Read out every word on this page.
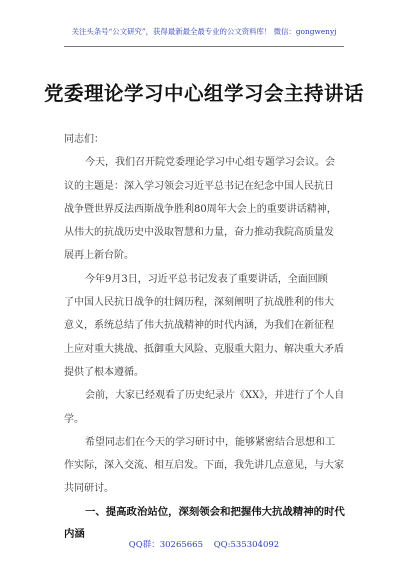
关注头条号“公文研究”，获得最新最全最专业的公文资料库！ 微信：gongwenyj
党委理论学习中心组学习会主持讲话
同志们：
今天，我们召开院党委理论学习中心组专题学习会议。会
议的主题是：深入学习领会习近平总书记在纪念中国人民抗日
战争暨世界反法西斯战争胜利80周年大会上的重要讲话精神，
从伟大的抗战历史中汲取智慧和力量，奋力推动我院高质量发
展再上新台阶。
今年9月3日，习近平总书记发表了重要讲话，全面回顾
了中国人民抗日战争的壮阔历程，深刻阐明了抗战胜利的伟大
意义，系统总结了伟大抗战精神的时代内涵，为我们在新征程
上应对重大挑战、抵御重大风险、克服重大阻力、解决重大矛盾
提供了根本遵循。
会前，大家已经观看了历史纪录片《XX》，并进行了个人自
学。
希望同志们在今天的学习研讨中，能够紧密结合思想和工
作实际，深入交流、相互启发。下面，我先讲几点意见，与大家
共同研讨。
一、提高政治站位，深刻领会和把握伟大抗战精神的时代
内涵
QQ群：30265665 QQ:535304092
